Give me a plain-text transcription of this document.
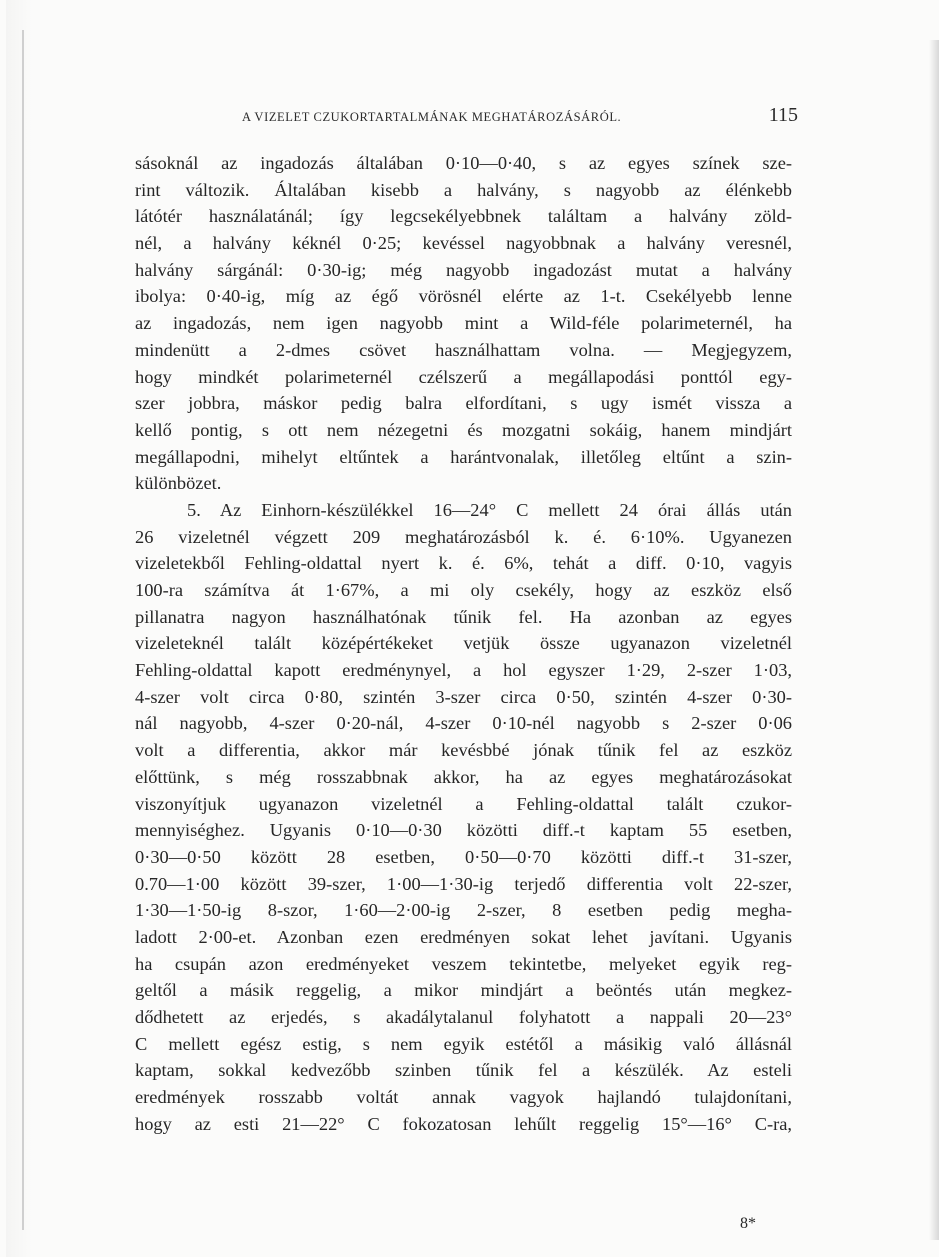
A VIZELET CZUKORTARTALMÁNAK MEGHATÁROZÁSÁRÓL.	115
sásoknál az ingadozás általában 0·10—0·40, s az egyes színek sze-
rint változik. Általában kisebb a halvány, s nagyobb az élénkebb
látótér használatánál; így legcsekélyebbnek találtam a halvány zöld-
nél, a halvány kéknél 0·25; kevéssel nagyobbnak a halvány veresnél,
halvány sárgánál: 0·30-ig; még nagyobb ingadozást mutat a halvány
ibolya: 0·40-ig, míg az égő vörösnél elérte az 1-t. Csekélyebb lenne
az ingadozás, nem igen nagyobb mint a Wild-féle polarimeternél, ha
mindenütt a 2-dmes csövet használhattam volna. — Megjegyzem,
hogy mindkét polarimeternél czélszerű a megállapodási ponttól egy-
szer jobbra, máskor pedig balra elfordítani, s ugy ismét vissza a
kellő pontig, s ott nem nézegetni és mozgatni sokáig, hanem mindjárt
megállapodni, mihelyt eltűntek a harántvonalak, illetőleg eltűnt a szin-
különbözet.
5. Az Einhorn-készülékkel 16—24° C mellett 24 órai állás után
26 vizeletnél végzett 209 meghatározásból k. é. 6·10%. Ugyanezen
vizeletekből Fehling-oldattal nyert k. é. 6%, tehát a diff. 0·10, vagyis
100-ra számítva át 1·67%, a mi oly csekély, hogy az eszköz első
pillanatra nagyon használhatónak tűnik fel. Ha azonban az egyes
vizeleteknél talált középértékeket vetjük össze ugyanazon vizeletnél
Fehling-oldattal kapott eredménynyel, a hol egyszer 1·29, 2-szer 1·03,
4-szer volt circa 0·80, szintén 3-szer circa 0·50, szintén 4-szer 0·30-
nál nagyobb, 4-szer 0·20-nál, 4-szer 0·10-nél nagyobb s 2-szer 0·06
volt a differentia, akkor már kevésbbé jónak tűnik fel az eszköz
előttünk, s még rosszabbnak akkor, ha az egyes meghatározásokat
viszonyítjuk ugyanazon vizeletnél a Fehling-oldattal talált czukor-
mennyiséghez. Ugyanis 0·10—0·30 közötti diff.-t kaptam 55 esetben,
0·30—0·50 között 28 esetben, 0·50—0·70 közötti diff.-t 31-szer,
0.70—1·00 között 39-szer, 1·00—1·30-ig terjedő differentia volt 22-szer,
1·30—1·50-ig 8-szor, 1·60—2·00-ig 2-szer, 8 esetben pedig megha-
ladott 2·00-et. Azonban ezen eredményen sokat lehet javítani. Ugyanis
ha csupán azon eredményeket veszem tekintetbe, melyeket egyik reg-
geltől a másik reggelig, a mikor mindjárt a beöntés után megkez-
dődhetett az erjedés, s akadálytalanul folyhatott a nappali 20—23°
C mellett egész estig, s nem egyik estétől a másikig való állásnál
kaptam, sokkal kedvezőbb szinben tűnik fel a készülék. Az esteli
eredmények rosszabb voltát annak vagyok hajlandó tulajdonítani,
hogy az esti 21—22° C fokozatosan lehűlt reggelig 15°—16° C-ra,
8*
